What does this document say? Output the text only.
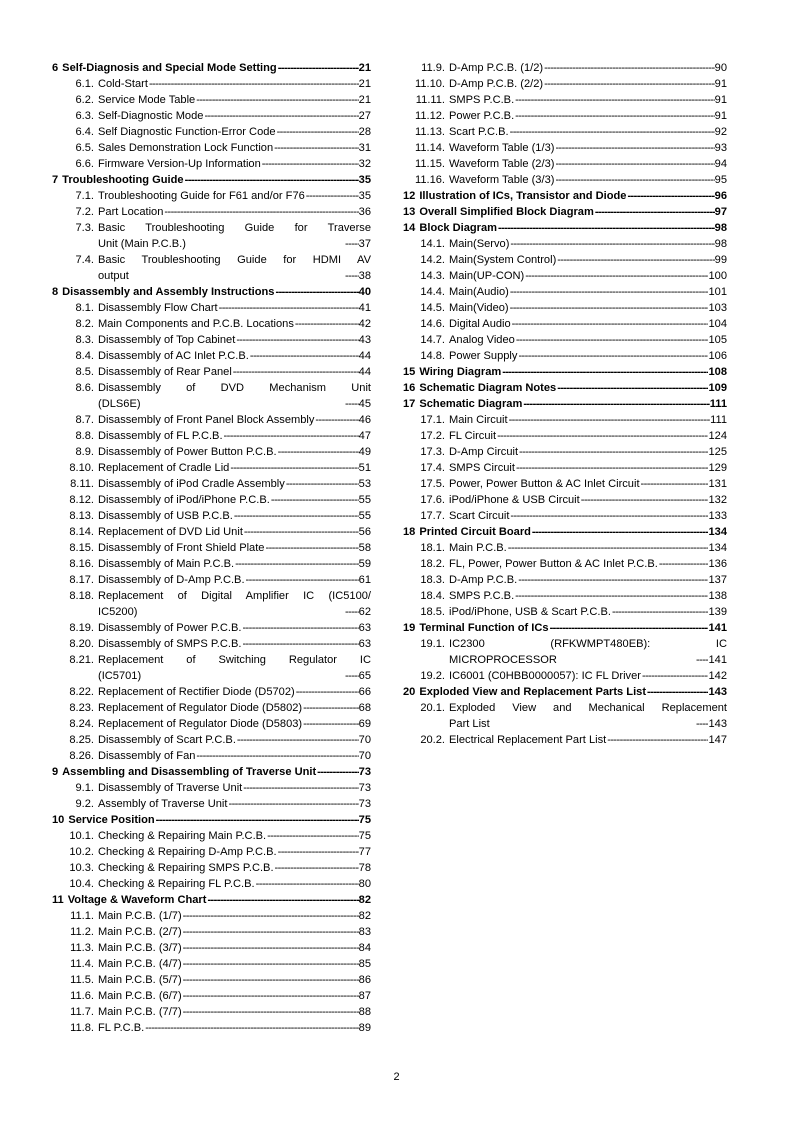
6 Self-Diagnosis and Special Mode Setting -----	21
6.1. Cold-Start -----	21
6.2. Service Mode Table -----	21
6.3. Self-Diagnostic Mode -----	27
6.4. Self Diagnostic Function-Error Code -----	28
6.5. Sales Demonstration Lock Function -----	31
6.6. Firmware Version-Up Information -----	32
7 Troubleshooting Guide -----	35
7.1. Troubleshooting Guide for F61 and/or F76 -----	35
7.2. Part Location -----	36
7.3. Basic Troubleshooting Guide for Traverse
Unit (Main P.C.B.) -----	37
7.4. Basic Troubleshooting Guide for HDMI AV
output -----	38
8 Disassembly and Assembly Instructions -----	40
8.1. Disassembly Flow Chart -----	41
8.2. Main Components and P.C.B. Locations -----	42
8.3. Disassembly of Top Cabinet -----	43
8.4. Disassembly of AC Inlet P.C.B. -----	44
8.5. Disassembly of Rear Panel -----	44
8.6. Disassembly of DVD Mechanism Unit
(DLS6E) -----	45
8.7. Disassembly of Front Panel Block Assembly -----	46
8.8. Disassembly of FL P.C.B. -----	47
8.9. Disassembly of Power Button P.C.B. -----	49
8.10. Replacement of Cradle Lid -----	51
8.11. Disassembly of iPod Cradle Assembly -----	53
8.12. Disassembly of iPod/iPhone P.C.B. -----	55
8.13. Disassembly of USB P.C.B. -----	55
8.14. Replacement of DVD Lid Unit -----	56
8.15. Disassembly of Front Shield Plate -----	58
8.16. Disassembly of Main P.C.B. -----	59
8.17. Disassembly of D-Amp P.C.B. -----	61
8.18. Replacement of Digital Amplifier IC (IC5100/
IC5200) -----	62
8.19. Disassembly of Power P.C.B. -----	63
8.20. Disassembly of SMPS P.C.B. -----	63
8.21. Replacement of Switching Regulator IC
(IC5701) -----	65
8.22. Replacement of Rectifier Diode (D5702) -----	66
8.23. Replacement of Regulator Diode (D5802) -----	68
8.24. Replacement of Regulator Diode (D5803) -----	69
8.25. Disassembly of Scart P.C.B. -----	70
8.26. Disassembly of Fan -----	70
9 Assembling and Disassembling of Traverse Unit -----	73
9.1. Disassembly of Traverse Unit -----	73
9.2. Assembly of Traverse Unit -----	73
10 Service Position -----	75
10.1. Checking & Repairing Main P.C.B. -----	75
10.2. Checking & Repairing D-Amp P.C.B. -----	77
10.3. Checking & Repairing SMPS P.C.B. -----	78
10.4. Checking & Repairing FL P.C.B. -----	80
11 Voltage & Waveform Chart -----	82
11.1. Main P.C.B. (1/7) -----	82
11.2. Main P.C.B. (2/7) -----	83
11.3. Main P.C.B. (3/7) -----	84
11.4. Main P.C.B. (4/7) -----	85
11.5. Main P.C.B. (5/7) -----	86
11.6. Main P.C.B. (6/7) -----	87
11.7. Main P.C.B. (7/7) -----	88
11.8. FL P.C.B. -----	89
11.9. D-Amp P.C.B. (1/2) -----	90
11.10. D-Amp P.C.B. (2/2) -----	91
11.11. SMPS P.C.B. -----	91
11.12. Power P.C.B. -----	91
11.13. Scart P.C.B. -----	92
11.14. Waveform Table (1/3) -----	93
11.15. Waveform Table (2/3) -----	94
11.16. Waveform Table (3/3) -----	95
12 Illustration of ICs, Transistor and Diode -----	96
13 Overall Simplified Block Diagram -----	97
14 Block Diagram -----	98
14.1. Main(Servo) -----	98
14.2. Main(System Control) -----	99
14.3. Main(UP-CON) -----	100
14.4. Main(Audio) -----	101
14.5. Main(Video) -----	103
14.6. Digital Audio -----	104
14.7. Analog Video -----	105
14.8. Power Supply -----	106
15 Wiring Diagram -----	108
16 Schematic Diagram Notes -----	109
17 Schematic Diagram -----	111
17.1. Main Circuit -----	111
17.2. FL Circuit -----	124
17.3. D-Amp Circuit -----	125
17.4. SMPS Circuit -----	129
17.5. Power, Power Button & AC Inlet Circuit -----	131
17.6. iPod/iPhone & USB Circuit -----	132
17.7. Scart Circuit -----	133
18 Printed Circuit Board -----	134
18.1. Main P.C.B. -----	134
18.2. FL, Power, Power Button & AC Inlet P.C.B. -----	136
18.3. D-Amp P.C.B. -----	137
18.4. SMPS P.C.B. -----	138
18.5. iPod/iPhone, USB & Scart P.C.B. -----	139
19 Terminal Function of ICs -----	141
19.1. IC2300 (RFKWMPT480EB): IC
MICROPROCESSOR -----	141
19.2. IC6001 (C0HBB0000057): IC FL Driver -----	142
20 Exploded View and Replacement Parts List -----	143
20.1. Exploded View and Mechanical Replacement
Part List -----	143
20.2. Electrical Replacement Part List -----	147
2
